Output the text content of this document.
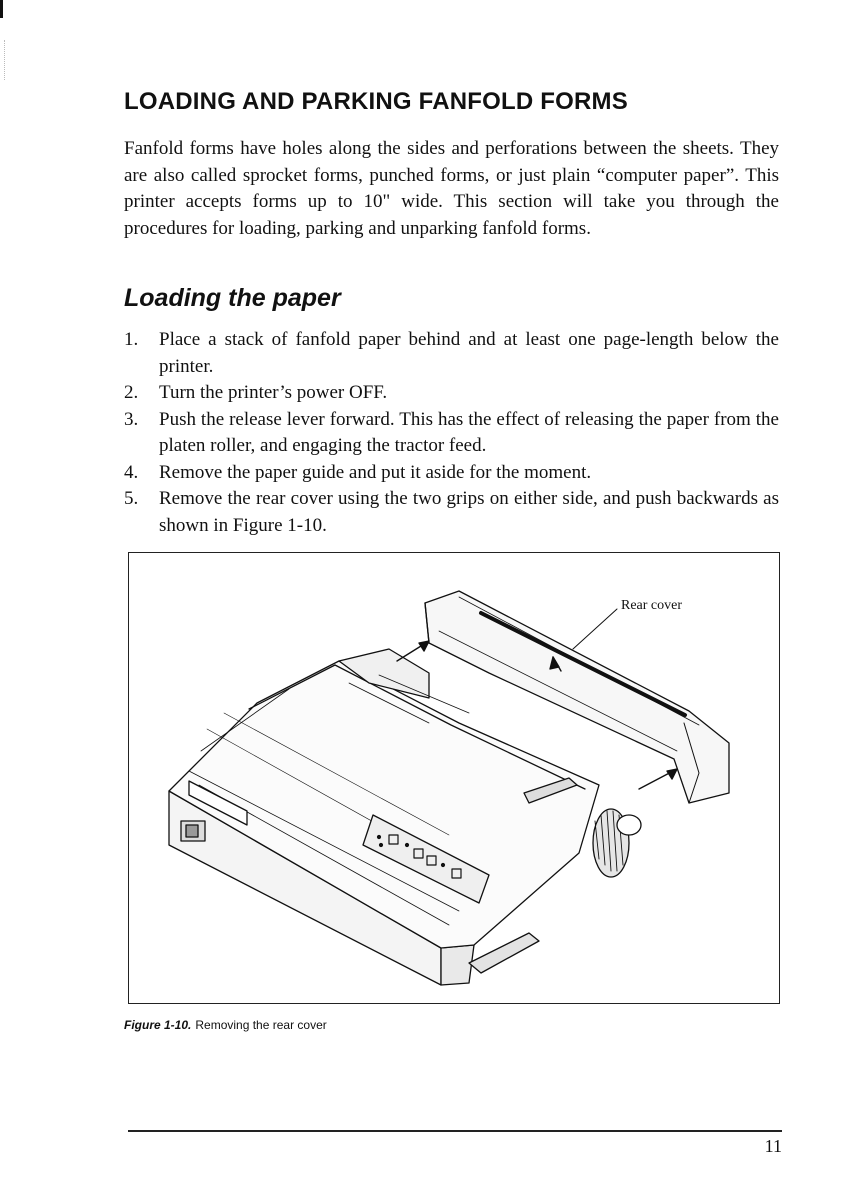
LOADING AND PARKING FANFOLD FORMS

Fanfold forms have holes along the sides and perforations between the sheets. They are also called sprocket forms, punched forms, or just plain “computer paper”. This printer accepts forms up to 10" wide. This section will take you through the procedures for loading, parking and unparking fanfold forms.

Loading the paper
1. Place a stack of fanfold paper behind and at least one page-length below the printer.
2. Turn the printer’s power OFF.
3. Push the release lever forward. This has the effect of releasing the paper from the platen roller, and engaging the tractor feed.
4. Remove the paper guide and put it aside for the moment.
5. Remove the rear cover using the two grips on either side, and push backwards as shown in Figure 1-10.
Rear cover

Figure 1-10. Removing the rear cover

11
